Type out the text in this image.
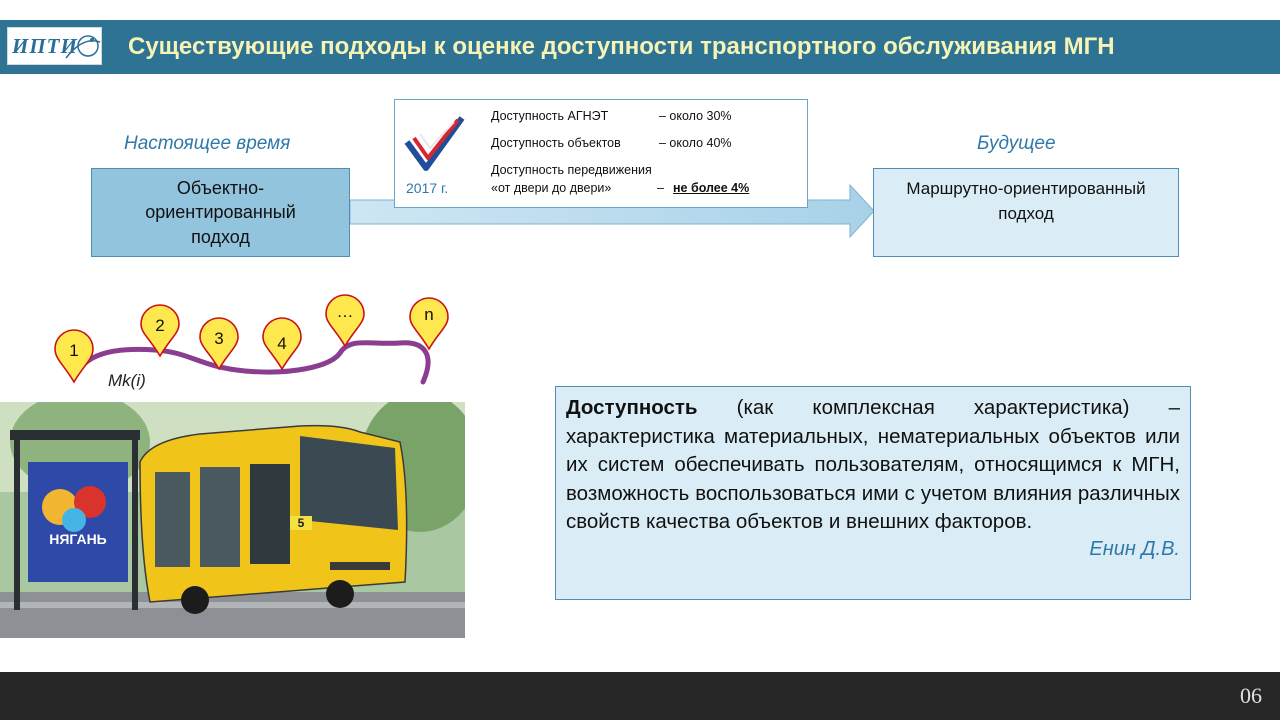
ИПТИ Существующие подходы к оценке доступности транспортного обслуживания МГН
Настоящее время	Будущее
Объектно-
ориентированный
подход
Маршрутно-ориентированный
подход
2017 г.
Доступность АГНЭТ	– около 30%
Доступность объектов	– около 40%
Доступность передвижения
«от двери до двери»	– не более 4%
1
2
3	4
…	n
Mk(i)
НЯГАНЬ
5

Доступность (как комплексная характеристика) – характеристика материальных, нематериальных объектов или их систем обеспечивать пользователям, относящимся к МГН, возможность воспользоваться ими с учетом влияния различных свойств качества объектов и внешних факторов.

Енин Д.В.
06
